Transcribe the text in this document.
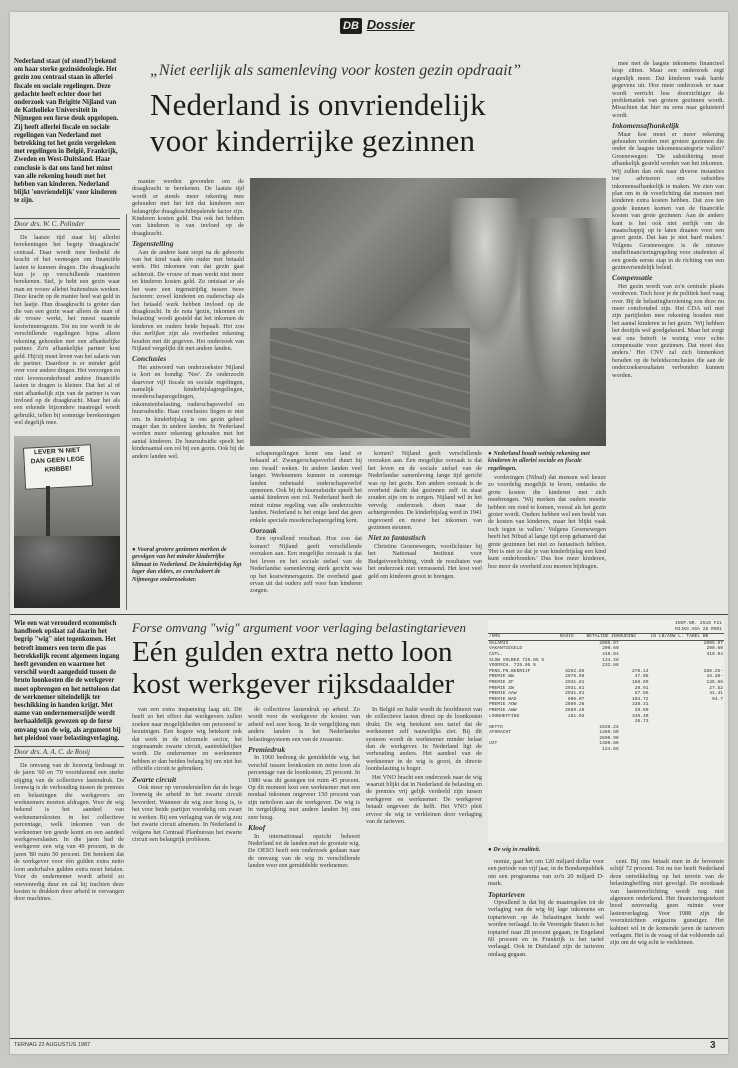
DB Dossier
Nederland staat (of stond?) bekend om haar sterke gezinsideologie. Het gezin zou centraal staan in allerlei fiscale en sociale regelingen. Deze gedachte heeft echter door het onderzoek van Brigitte Nijland van de Katholieke Universiteit in Nijmegen een forse deuk opgelopen. Zij heeft allerlei fiscale en sociale regelingen van Nederland met betrekking tot het gezin vergeleken met regelingen in België, Frankrijk, Zweden en West-Duitsland. Haar conclusie is dat ons land het minst van alle rekening houdt met het hebben van kinderen. Nederland blijkt 'onvriendelijk' voor kinderen te zijn.
„Niet eerlijk als samenleving voor kosten gezin opdraait”
Nederland is onvriendelijk
voor kinderrijke gezinnen
Door drs. W. C. Polinder

De laatste tijd staat bij allerlei berekeningen het begrip 'draagkracht' centraal. Daar wordt mee bedoeld de kracht of het vermogen om financiële lasten te kunnen dragen. Die draagkracht kun je op verschillende manieren berekenen. Stel, je hebt een gezin waar man en vrouw allebei buitenshuis werken. Deze kracht op de manier heel wat geld in het laatje. Hun draagkracht is groter dan die van een gezin waar alleen de man of de vrouw werkt, het meest naamde kostwinnersgezin. Tot nu toe wordt in de verschillende regelingen bijna alleen rekening gehouden met een afhankelijke partner. Zo'n afhankelijke partner kost geld. Hij/zij moet leven van het salaris van de partner. Daardoor is er minder geld over voor andere dingen. Het verzorgen en niet levensonderhoud andere financiële lasten te dragen is kleiner. Dat het al of niet afhankelijk zijn van de partner is van invloed op de draagkracht. Maar het als een erkende bijzondere maatregel wordt gebruikt, tellen bij sommige berekeningen wel degelijk mee.

LEVER 'N NIET
DAN GEEN LEGE
KRIBBE!

manier werden gevonden om de draagkracht te berekenen. De laatste tijd wordt er steeds meer rekening mee gehouden met het feit dat kinderen een belangrijke draagkrachtbepalende factor zijn. Kinderen kosten geld. Dus ook het hebben van kinderen is van invloed op de draagkracht.

Tegenstelling

Aan de andere kant stopt na de geboorte van het kind vaak één ouder met betaald werk. Het inkomen van dat gezin gaat achteruit. De vrouw of man werkt niet meer en kinderen kosten geld. Zo ontstaat er als het ware een tegenstrijdig tussen twee factoren: zowel kinderen en ouderschap als het betaald werk hebben invloed op de draagkracht. In de nota 'gezin, inkomen en belasting' wordt gesteld dat het inkomen de kinderen en ouders beide bepaalt. Het zou dus eerlijker zijn als overheden rekening houden met dit gegeven. Het onderzoek van Nijland vergelijkt dit met andere landen.

Conclusies

Het antwoord van onderzoekster Nijland is kort en bondig: 'Nee'. Ze onderzocht daarvoor vijf fiscale en sociale regelingen, namelijk kinderbijslagregelingen, moederschapsregelingen, inkomstenbelasting, ouderschapsverlof en huursubsidie. Haar conclusies liegen er niet om. In kinderbijslag is ons gezin geheel mager dan in andere landen. In Nederland worden meer rekening gehouden met het aantal kinderen. De huursubsidie speelt het kinderaantal een rol bij een gezin. Ook bij de andere landen wel.

● Vooral grotere gezinnen merken de gevolgen van het minder kinderrijke klimaat in Nederland. De kinderbijslag ligt lager dan elders, zo concludeert de Nijmeegse onderzoekster.

schapsregelingen komt ons land er bekaaid af. Zwangerschapsverlof duurt bij ons twaalf weken. In andere landen veel langer. Werknemers kunnen in sommige landen onbetaald ouderschapsverlof opnemen. Ook bij de huursubsidie speelt het aantal kinderen een rol. Nederland heeft de minst ruime regeling van alle onderzochte landen. Nederland is het enige land dat geen enkele speciale moederschapsregeling kent.

Oorzaak

Een opvallend resultaat. Hoe zou dat komen? Nijland geeft verschillende oorzaken aan. Een mogelijke oorzaak is dat het leven en het sociale stelsel van de Nederlandse samenleving sterk gericht was op het kostwinnersgezin. De overheid gaat ervan uit dat ouders zelf voor hun kinderen zorgen.

komen? Nijland geeft verschillende oorzaken aan. Een mogelijke oorzaak is dat het leven en de sociale stelsel van de Nederlandse samenleving lange tijd gericht was op het gezin. Een andere oorzaak is de overheid dacht dat gezinnen zelf in staat zouden zijn om te zorgen. Nijland wil in het vervolg onderzoek doen naar de achtergronden. De kinderbijslag werd in 1941 ingevoerd en moest het inkomen van gezinnen steunen.

Niet zo fantastisch

Christine Groenewegen, voorlichtster bij het Nationaal Instituut voor Budgetvoorlichting, vindt de resultaten van het onderzoek niet verrassend. Het kost veel geld om kinderen groot te brengen.

● Nederland houdt weinig rekening met kinderen in allerlei sociale en fiscale regelingen.

vorderingen (Nibud) dat mensen wel keuze zo voordelig mogelijk te leven, ondanks de grote kosten die kinderen met zich meebrengen. 'Wij merken dat ouders moeite hebben om rond te komen, vooral als het gezin groter wordt. Ouders hebben wel een beeld van de kosten van kinderen, maar het blijkt vaak toch tegen te vallen.' Volgens Groenewegen heeft het Nibud al lange tijd erop gehamerd dat grote gezinnen het niet zo fantastisch hebben. 'Het is niet zo dat je van kinderbijslag een kind kunt onderhouden.' Dus hoe meer kinderen, hoe meer de overheid zou moeten bijdragen.

mee met de laagste inkomens financieel krap zitten. Maar een onderzoek zegt eigenlijk meer. Dat kinderen vaak harde gegevens uit. Hoe meer onderzoek er naar wordt verricht hoe doorzichtiger de problematiek van grotere gezinnen wordt. Misschien dat hier nu eens naar geluisterd wordt.

Inkomensafhankelijk

Maar hoe moet er meer rekening gehouden worden met grotere gezinnen die onder de laagste inkomenscategorie vallen? Groenewegen: 'De subsidiëring moet afhankelijk gesteld worden van het inkomen. Wij zullen dan ook naar diverse instanties toe adviseren om subsidies inkomensafhankelijk te maken. We zien van plan om in de voorlichting dat mensen met kinderen extra kosten hebben. Dat zou ten goede kunnen komen van de financiële kosten van grote gezinnen. Aan de andere kant is het ook niet eerlijk om de maatschappij op te laten draaien voor een groot gezin. Dat kan je niet hard maken.' Volgens Groenewegen is de nieuwe studiefinancieringregeling voor studenten al een goede eerste stap in de richting van een gezinsvriendelijk beleid.

Compensatie

Het gezin wordt van zo'n centrale plaats verdreven. Toch hoor je de politiek heel vaag over. Bij de belastingherziening zou deze nu meer comfortabel zijn. Het CDA wil met zijn partijleden mee rekening houden met het aantal kinderen in het gezin. 'Wij hebben het destijds wel goedgekeurd. Maar het zorgt wat ons betreft te weinig voor echte compensatie voor gezinnen. Dat moet dus anders.' Het CNV zal zich binnenkort beraden op de beleidsconclusies die aan de onderzoeksresultaten verbonden kunnen worden.

Wie een wat verouderd economisch handboek opslaat zal daarin het begrip "wig" niet tegenkomen. Het betreft immers een term die pas betrekkelijk recent algemeen ingang heeft gevonden en waarmee het verschil wordt aangeduid tussen de bruto loonkosten die de werkgever moet opbrengen en het nettoloon dat de werknemer uiteindelijk ter beschikking in handen krijgt. Met name van ondernemerszijde wordt herhaaldelijk gewezen op de forse omvang van de wig, als argument bij het pleidooi voor belastingverlaging.
Door drs. A. A. C. de Rooij

De omvang van de loonwig bedraagt in de jaren '60 en '70 voortdurend een sterke stijging van de collectieve lastendruk. De loonwig is de verhouding tussen de premies en belastingen die werkgevers en werknemers moeten afdragen. Voor de wig bekend is het aandeel van werknemerskosten in het collectieve percentage, welk inkomen van de werknemer ten goede komt en een aandeel werkgeverslasten. In die jaren had de werkgever een wig van 40 procent, in de jaren '80 ruim 50 procent. Dit betekent dat de werkgever voor één gulden extra netto loon anderhalve gulden extra moet betalen. Voor de ondernemer wordt arbeid zo onevenredig duur en zal hij trachten deze kosten te drukken door arbeid te vervangen door machines.

Forse omvang "wig" argument voor verlaging belastingtarieven
Eén gulden extra netto loon
kost werkgever rijksdaalder

van een extra inspanning laag uit. Dit heeft zo het effect dat werkgevers zullen zoeken naar mogelijkheden om personeel te bezuinigen. Een hogere wig betekent ook dat werk in de informele sector, het zogenaamde zwarte circuit, aantrekkelijker wordt. De ondernemer en werknemer hebben er dan beiden belang bij om niet het officiële circuit te gebruiken.

Zwarte circuit

Ook meer op veronderstellen dat de hoge loonwig de arbeid in het zwarte circuit bevordert. Wanneer de wig zeer hoog is, is het voor beide partijen voordelig om zwart te werken. Bij een verlaging van de wig zou het zwarte circuit afnemen. In Nederland is volgens het Centraal Planbureau het zwarte circuit een belangrijk probleem.

de collectieve lastendruk op arbeid. Zo wordt voor de werkgever de kosten van arbeid wel zeer hoog. In de vergelijking met andere landen is het Nederlandse belastingsysteem een van de zwaarste.

Premiedruk

In 1960 bedroeg de gemiddelde wig, het verschil tussen loonkosten en netto loon als percentage van de loonkosten, 25 procent. In 1980 was dit gestegen tot ruim 45 procent. Op dit moment kost een werknemer met een modaal inkomen ongeveer 150 procent van zijn nettoloon aan de werkgever. De wig is in vergelijking met andere landen bij ons zeer hoog.

Kloof

In internationaal opzicht behoort Nederland tot de landen met de grootste wig. De OESO heeft een onderzoek gedaan naar de omvang van de wig in verschillende landen voor een gemiddelde werknemer.

In België en Italië wordt de hoofdmoot van de collectieve lasten direct op de loonkosten drukt; De wig betekent een tarief dat de werknemer zelf nauwelijks ziet. Bij dit systeem wordt de werknemer minder belast dan de werkgever. In Nederland ligt de verhouding anders. Het aandeel van de werknemer in de wig is groot, de directe loonbelasting is hoger.

Het VNO bracht een onderzoek naar de wig waaruit blijkt dat in Nederland de belasting en de premies vrij gelijk verdeeld zijn tussen werkgever en werknemer. De werkgever betaalt ongeveer de helft. Het VNO pleit ervoor de wig te verkleinen door verlaging van de tarieven.

INSP.NR. 2510 F21
RIJKS.VGA 28 ROO1
/OMS	BASIS	BETALING INHOUDING		LN LB/AOW L. TABEL BK
SALARIS		2005.97		2005.97
VAKANTIEGELD		200.60		200.60
CUTL.		410.04		410.04
SLOW VOLBED 725.05 %		134.28		
VOORSCH. 725.05 %		232.88		
PENS.FN.BEDRIJF	3262.85		276.14	268.25-
PREMIE WW	2978.66		47.65	44.38-
PREMIE ZF	2931.81		168.69	135.66
PREMIE ZW	2931.81		29.91	27.52
PREMIE AAW	2931.81		57.55	41.41
PREMIE WAO	606.07		104.72	94.7
PREMIE AOW	2689.26		338.31	
PREMIE AWW	2689.26		29.69	
LOONHEFFING	181.03		349.40	
			26.73	
NETTO		1636.23		

AFDRACHT		1480.80		

		2609.99		

UIT		1480.80		
		124.66		
● De wig in realiteit.

nomie, gaat het om 120 miljard dollar voor een periode van vijf jaar, in de Bondsrepubliek om een programma van zo'n 20 miljard D-mark.

Toptarieven

Opvallend is dat bij de maatregelen tot de verlaging van de wig bij lage inkomens en toptarieven op de belastingen beide wel worden verlaagd. In de Verenigde Staten is het toptarief naar 28 procent gegaan, in Engeland 60 procent en in Frankrijk is het tarief verlaagd. Ook in Duitsland zijn de tarieven omlaag gegaan.

cent. Bij ons betaalt men in de bovenste schijf 72 procent. Tot nu toe heeft Nederland deze ontwikkeling op het terrein van de belastingheffing niet gevolgd. De noodzaak van lastenverlichting wordt nog niet algemeen onderkend. Het financieringstekort bood eenvoudig geen ruimte voor lastenverlaging. Voor 1988 zijn de vooruitzichten enigszins gunstiger. Het kabinet wil in de komende jaren de tarieven verlagen. Het is de vraag of dat voldoende zal zijn om de wig echt te verkleinen.

TERNAG 22 AUGUSTUS 1987	3
